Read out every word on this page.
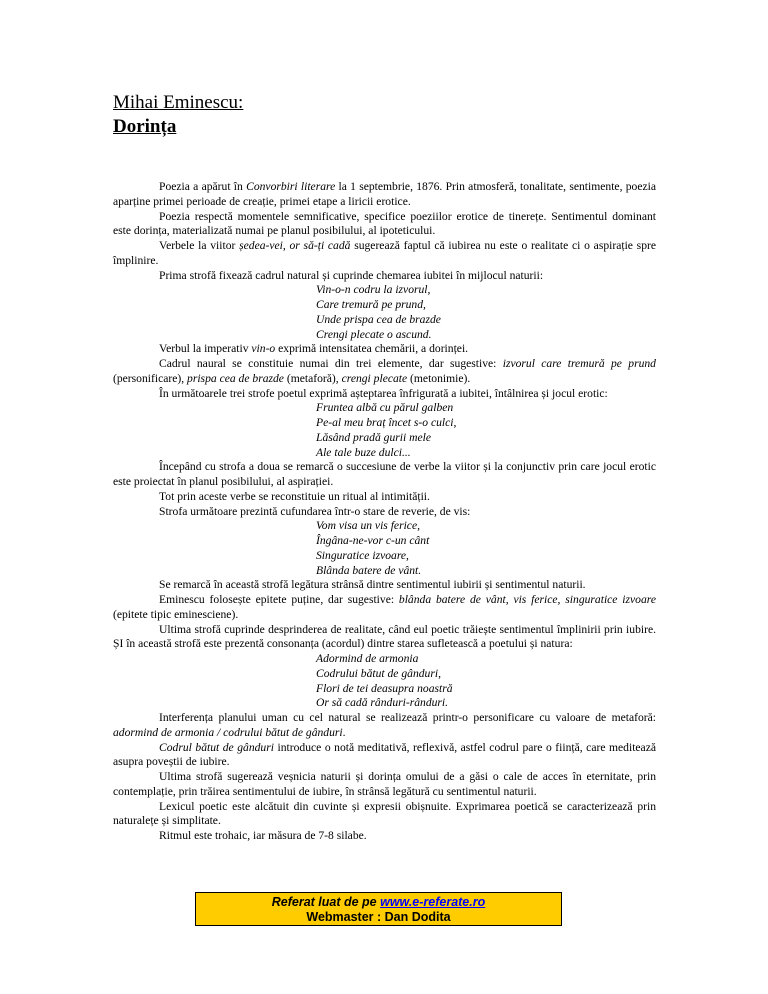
Mihai Eminescu:
Dorința

Poezia a apărut în Convorbiri literare la 1 septembrie, 1876. Prin atmosferă, tonalitate, sentimente, poezia aparține primei perioade de creație, primei etape a liricii erotice.

Poezia respectă momentele semnificative, specifice poeziilor erotice de tinerețe. Sentimentul dominant este dorința, materializată numai pe planul posibilului, al ipoteticului.

Verbele la viitor ședea-vei, or să-ți cadă sugerează faptul că iubirea nu este o realitate ci o aspirație spre împlinire.

Prima strofă fixează cadrul natural și cuprinde chemarea iubitei în mijlocul naturii:

Vin-o-n codru la izvorul,
Care tremură pe prund,
Unde prispa cea de brazde
Crengi plecate o ascund.

Verbul la imperativ vin-o exprimă intensitatea chemării, a dorinței.

Cadrul naural se constituie numai din trei elemente, dar sugestive: izvorul care tremură pe prund (personificare), prispa cea de brazde (metaforă), crengi plecate (metonimie).

În următoarele trei strofe poetul exprimă așteptarea înfrigurată a iubitei, întâlnirea și jocul erotic:

Fruntea albă cu părul galben
Pe-al meu braț încet s-o culci,
Lăsând pradă gurii mele
Ale tale buze dulci...

Începând cu strofa a doua se remarcă o succesiune de verbe la viitor și la conjunctiv prin care jocul erotic este proiectat în planul posibilului, al aspirației.

Tot prin aceste verbe se reconstituie un ritual al intimității.

Strofa următoare prezintă cufundarea într-o stare de reverie, de vis:

Vom visa un vis ferice,
Îngâna-ne-vor c-un cânt
Singuratice izvoare,
Blânda batere de vânt.

Se remarcă în această strofă legătura strânsă dintre sentimentul iubirii și sentimentul naturii.

Eminescu folosește epitete puține, dar sugestive: blânda batere de vânt, vis ferice, singuratice izvoare (epitete tipic eminesciene).

Ultima strofă cuprinde desprinderea de realitate, când eul poetic trăiește sentimentul împlinirii prin iubire. ȘI în această strofă este prezentă consonanța (acordul) dintre starea sufletească a poetului și natura:

Adormind de armonia
Codrului bătut de gânduri,
Flori de tei deasupra noastră
Or să cadă rânduri-rânduri.

Interferența planului uman cu cel natural se realizează printr-o personificare cu valoare de metaforă: adormind de armonia / codrului bătut de gânduri.

Codrul bătut de gânduri introduce o notă meditativă, reflexivă, astfel codrul pare o ființă, care meditează asupra poveștii de iubire.

Ultima strofă sugerează veșnicia naturii și dorința omului de a găsi o cale de acces în eternitate, prin contemplație, prin trăirea sentimentului de iubire, în strânsă legătură cu sentimentul naturii.

Lexicul poetic este alcătuit din cuvinte și expresii obișnuite. Exprimarea poetică se caracterizează prin naturalețe și simplitate.

Ritmul este trohaic, iar măsura de 7-8 silabe.

Referat luat de pe www.e-referate.ro
Webmaster : Dan Dodita
